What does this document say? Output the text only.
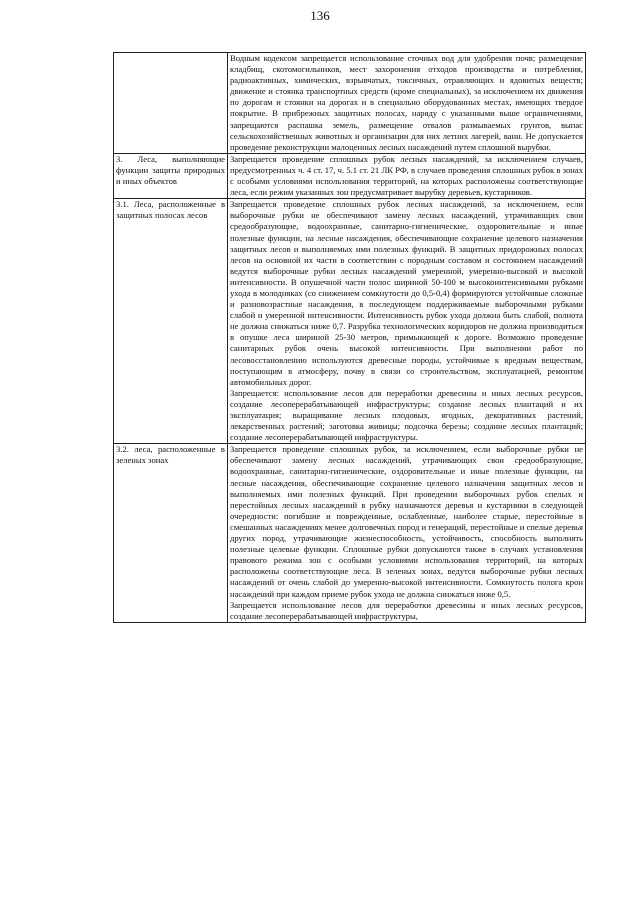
136

	Водным кодексом запрещается использование сточных вод для удобрения почв; размещение кладбищ, скотомогильников, мест захоронения отходов производства и потребления, радиоактивных, химических, взрывчатых, токсичных, отравляющих и ядовитых веществ; движение и стоянка транспортных средств (кроме специальных), за исключением их движения по дорогам и стоянки на дорогах и в специально оборудованных местах, имеющих твердое покрытие. В прибрежных защитных полосах, наряду с указанными выше ограничениями, запрещаются распашка земель, размещение отвалов размываемых грунтов, выпас сельскохозяйственных животных и организации для них летних лагерей, ванн. Не допускается проведение реконструкции малоценных лесных насаждений путем сплошной вырубки.

3. Леса, выполняющие функции защиты природных и иных объектов	Запрещается проведение сплошных рубок лесных насаждений, за исключением случаев, предусмотренных ч. 4 ст. 17, ч. 5.1 ст. 21 ЛК РФ, в случаев проведения сплошных рубок в зонах с особыми условиями использования территорий, на которых расположены соответствующие леса, если режим указанных зон предусматривает вырубку деревьев, кустарников.

3.1. Леса, расположенные в защитных полосах лесов	Запрещается проведение сплошных рубок лесных насаждений, за исключением, если выборочные рубки не обеспечивают замену лесных насаждений, утрачивающих свои средообразующие, водоохранные, санитарно-гигиенические, оздоровительные и иные полезные функции, на лесные насаждения, обеспечивающие сохранение целевого назначения защитных лесов и выполняемых ими полезных функций. В защитных придорожных полосах лесов на основной их части в соответствии с породным составом и состоянием насаждений ведутся выборочные рубки лесных насаждений умеренной, умеренно-высокой и высокой интенсивности. В опушечной части полос шириной 50-100 м высокоинтенсивными рубками ухода в молодняках (со снижением сомкнутости до 0,5-0,4) формируются устойчивые сложные и разновозрастные насаждения, в последующем поддерживаемые выборочными рубками слабой и умеренной интенсивности. Интенсивность рубок ухода должна быть слабой, полнота не должна снижаться ниже 0,7. Разрубка технологических коридоров не должна производиться в опушке леса шириной 25-30 метров, примыкающей к дороге. Возможно проведение санитарных рубок очень высокой интенсивности. При выполнении работ по лесовосстановлению используются древесные породы, устойчивые к вредным веществам, поступающим в атмосферу, почву в связи со строительством, эксплуатацией, ремонтом автомобильных дорог.
Запрещается: использование лесов для переработки древесины и иных лесных ресурсов, создание лесоперерабатывающей инфраструктуры; создание лесных плантаций и их эксплуатация; выращивание лесных плодовых, ягодных, декоративных растений, лекарственных растений; заготовка живицы; подсочка березы; создание лесных плантаций; создание лесоперерабатывающей инфраструктуры.

3.2. леса, расположенные в зеленых зонах	Запрещается проведение сплошных рубок, за исключением, если выборочные рубки не обеспечивают замену лесных насаждений, утрачивающих свои средообразующие, водоохранные, санитарно-гигиенические, оздоровительные и иные полезные функции, на лесные насаждения, обеспечивающие сохранение целевого назначения защитных лесов и выполняемых ими полезных функций. При проведении выборочных рубок спелых и перестойных лесных насаждений в рубку назначаются деревья и кустарники в следующей очередности: погибшие и поврежденные, ослабленные, наиболее старые, перестойные в смешанных насаждениях менее долговечных пород и генераций, перестойные и спелые деревья других пород, утрачивающие жизнеспособность, устойчивость, способность выполнять полезные целевые функции. Сплошные рубки допускаются также в случаях установления правового режима зон с особыми условиями использования территорий, на которых расположены соответствующие леса. В зеленых зонах, ведутся выборочные рубки лесных насаждений от очень слабой до умеренно-высокой интенсивности. Сомкнутость полога крон насаждений при каждом приеме рубок ухода не должна снижаться ниже 0,5.
Запрещается использование лесов для переработки древесины и иных лесных ресурсов, создание лесоперерабатывающей инфраструктуры,
